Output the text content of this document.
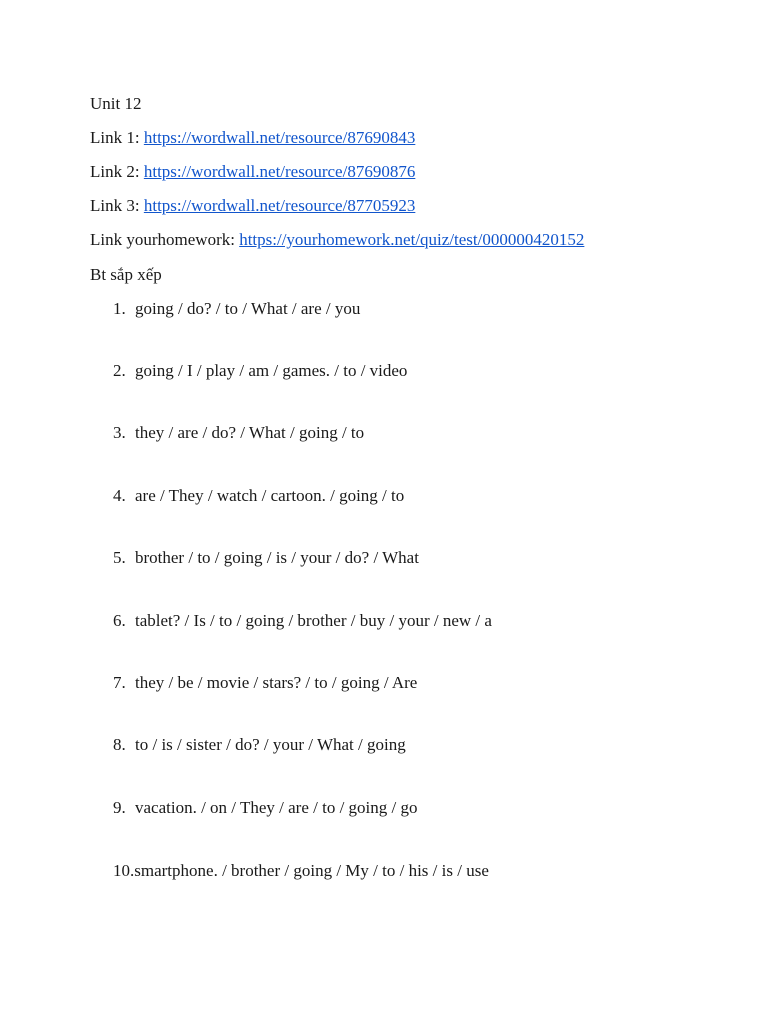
Unit 12
Link 1: https://wordwall.net/resource/87690843
Link 2: https://wordwall.net/resource/87690876
Link 3: https://wordwall.net/resource/87705923
Link yourhomework: https://yourhomework.net/quiz/test/000000420152
Bt sắp xếp
1. going / do? / to / What / are / you
2. going / I / play / am / games. / to / video
3. they / are / do? / What / going / to
4. are / They / watch / cartoon. / going / to
5. brother / to / going / is / your / do? / What
6. tablet? / Is / to / going / brother / buy / your / new / a
7. they / be / movie / stars? / to / going / Are
8. to / is / sister / do? / your / What / going
9. vacation. / on / They / are / to / going / go
10.smartphone. / brother / going / My / to / his / is / use
